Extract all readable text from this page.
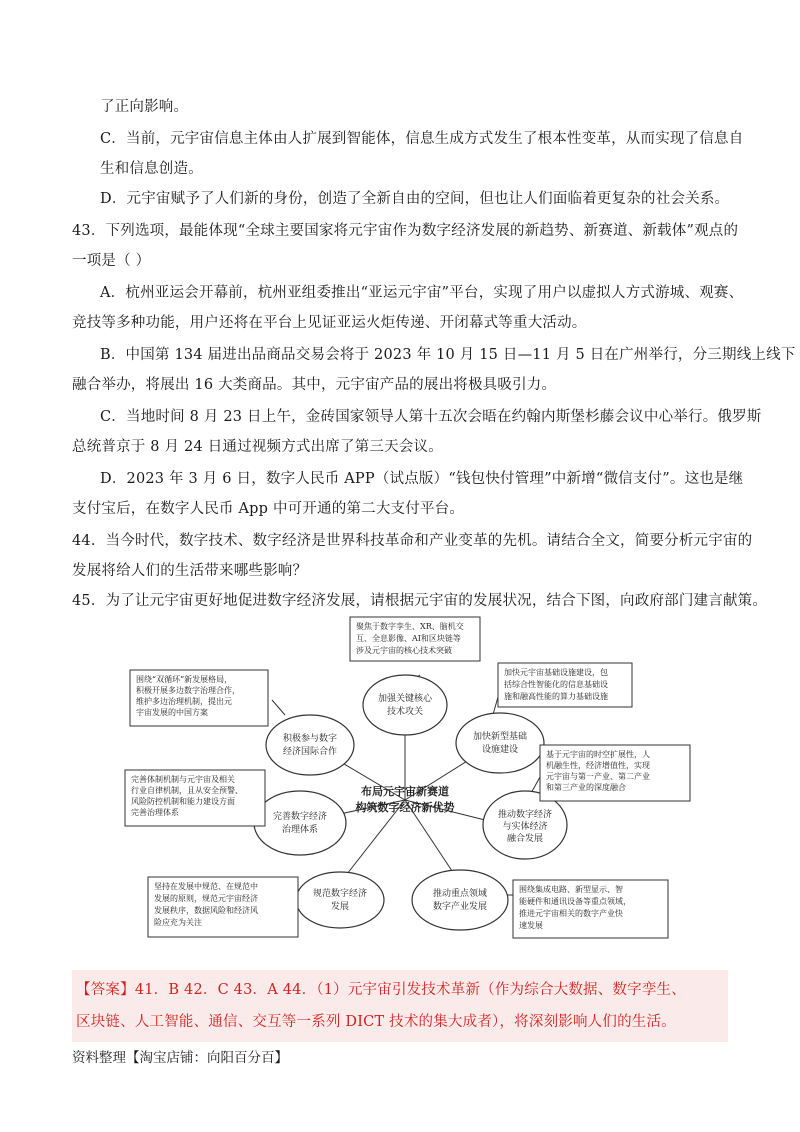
了正向影响。
C．当前，元宇宙信息主体由人扩展到智能体，信息生成方式发生了根本性变革，从而实现了信息自
生和信息创造。
D．元宇宙赋予了人们新的身份，创造了全新自由的空间，但也让人们面临着更复杂的社会关系。
43．下列选项，最能体现“全球主要国家将元宇宙作为数字经济发展的新趋势、新赛道、新载体”观点的
一项是（ ）
A．杭州亚运会开幕前，杭州亚组委推出“亚运元宇宙”平台，实现了用户以虚拟人方式游城、观赛、
竞技等多种功能，用户还将在平台上见证亚运火炬传递、开闭幕式等重大活动。
B．中国第 134 届进出品商品交易会将于 2023 年 10 月 15 日—11 月 5 日在广州举行，分三期线上线下
融合举办，将展出 16 大类商品。其中，元宇宙产品的展出将极具吸引力。
C．当地时间 8 月 23 日上午，金砖国家领导人第十五次会晤在约翰内斯堡杉藤会议中心举行。俄罗斯
总统普京于 8 月 24 日通过视频方式出席了第三天会议。
D．2023 年 3 月 6 日，数字人民币 APP（试点版）“钱包快付管理”中新增“微信支付”。这也是继
支付宝后，在数字人民币 App 中可开通的第二大支付平台。
44．当今时代，数字技术、数字经济是世界科技革命和产业变革的先机。请结合全文，简要分析元宇宙的
发展将给人们的生活带来哪些影响？
45．为了让元宇宙更好地促进数字经济发展，请根据元宇宙的发展状况，结合下图，向政府部门建言献策。
布局元宇宙新赛道
构筑数字经济新优势
加强关键核心
技术攻关
加快新型基础
设施建设
推动数字经济
与实体经济
融合发展
推动重点领域
数字产业发展
规范数字经济
发展
完善数字经济
治理体系
积极参与数字
经济国际合作
聚焦于数字孪生、XR、脑机交
互、全息影像、AI和区块链等
涉及元宇宙的核心技术突破
加快元宇宙基础设施建设，包
括综合性智能化的信息基础设
施和融高性能的算力基础设施
基于元宇宙的时空扩展性，人
机融生性，经济增值性，实现
元宇宙与第一产业、第二产业
和第三产业的深度融合
围绕集成电路、新型显示、智
能硬件和通讯设备等重点领域，
推进元宇宙相关的数字产业快
速发展
坚持在发展中规范、在规范中
发展的原则，规范元宇宙经济
发展秩序，数据风险和经济风
险应充为关注
完善体制机制与元宇宙及相关
行业自律机制，且从安全预警、
风险防控机制和能力建设方面
完善治理体系
围绕“双循环”新发展格局，
积极开展多边数字治理合作，
维护多边治理机制，提出元
宇宙发展的中国方案
【答案】41．B 42．C 43．A 44．（1）元宇宙引发技术革新（作为综合大数据、数字孪生、
区块链、人工智能、通信、交互等一系列 DICT 技术的集大成者），将深刻影响人们的生活。
资料整理【淘宝店铺：向阳百分百】
